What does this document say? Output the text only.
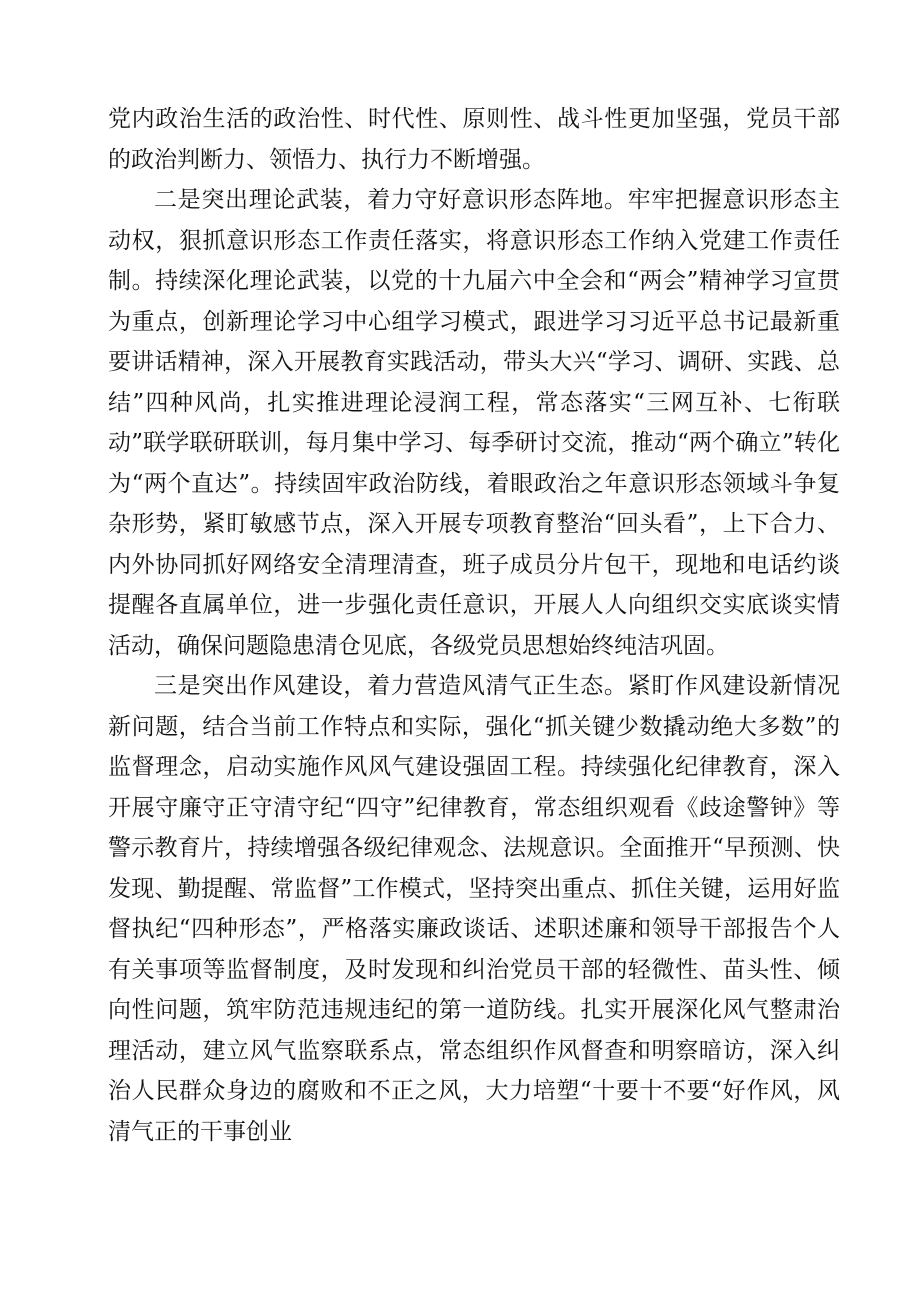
党内政治生活的政治性、时代性、原则性、战斗性更加坚强，党员干部的政治判断力、领悟力、执行力不断增强。

二是突出理论武装，着力守好意识形态阵地。牢牢把握意识形态主动权，狠抓意识形态工作责任落实，将意识形态工作纳入党建工作责任制。持续深化理论武装，以党的十九届六中全会和“两会”精神学习宣贯为重点，创新理论学习中心组学习模式，跟进学习习近平总书记最新重要讲话精神，深入开展教育实践活动，带头大兴“学习、调研、实践、总结”四种风尚，扎实推进理论浸润工程，常态落实“三网互补、七衔联动”联学联研联训，每月集中学习、每季研讨交流，推动“两个确立”转化为“两个直达”。持续固牢政治防线，着眼政治之年意识形态领域斗争复杂形势，紧盯敏感节点，深入开展专项教育整治“回头看”，上下合力、内外协同抓好网络安全清理清查，班子成员分片包干，现地和电话约谈提醒各直属单位，进一步强化责任意识，开展人人向组织交实底谈实情活动，确保问题隐患清仓见底，各级党员思想始终纯洁巩固。

三是突出作风建设，着力营造风清气正生态。紧盯作风建设新情况新问题，结合当前工作特点和实际，强化“抓关键少数撬动绝大多数”的监督理念，启动实施作风风气建设强固工程。持续强化纪律教育，深入开展守廉守正守清守纪“四守”纪律教育，常态组织观看《歧途警钟》等警示教育片，持续增强各级纪律观念、法规意识。全面推开“早预测、快发现、勤提醒、常监督”工作模式，坚持突出重点、抓住关键，运用好监督执纪“四种形态”，严格落实廉政谈话、述职述廉和领导干部报告个人有关事项等监督制度，及时发现和纠治党员干部的轻微性、苗头性、倾向性问题，筑牢防范违规违纪的第一道防线。扎实开展深化风气整肃治理活动，建立风气监察联系点，常态组织作风督查和明察暗访，深入纠治人民群众身边的腐败和不正之风，大力培塑“十要十不要“好作风，风清气正的干事创业
